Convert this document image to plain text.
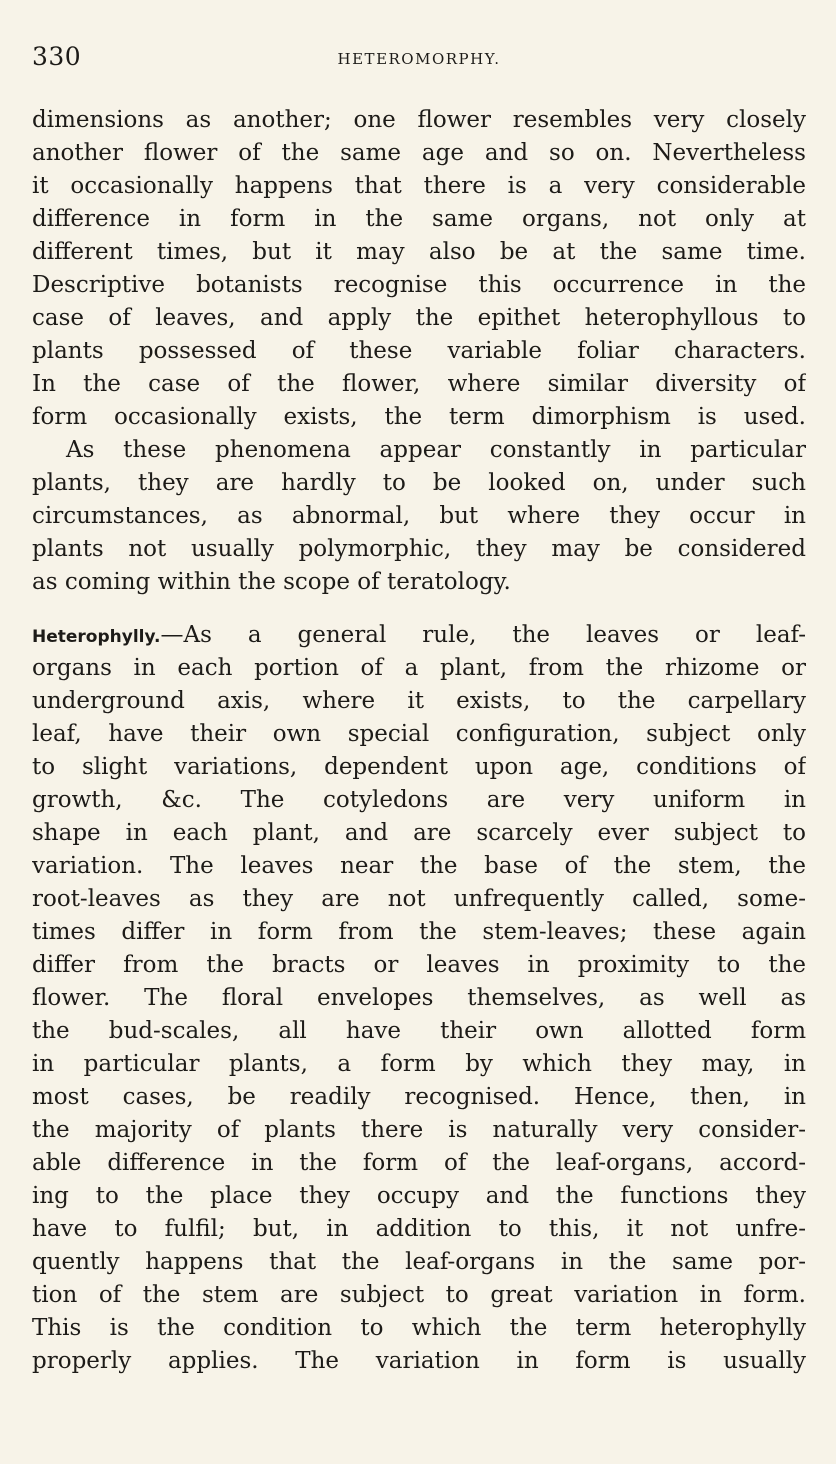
330	HETEROMORPHY.
dimensions as another; one flower resembles very closely
another flower of the same age and so on. Nevertheless
it occasionally happens that there is a very considerable
difference in form in the same organs, not only at
different times, but it may also be at the same time.
Descriptive botanists recognise this occurrence in the
case of leaves, and apply the epithet heterophyllous to
plants possessed of these variable foliar characters.
In the case of the flower, where similar diversity of
form occasionally exists, the term dimorphism is used.
As these phenomena appear constantly in particular
plants, they are hardly to be looked on, under such
circumstances, as abnormal, but where they occur in
plants not usually polymorphic, they may be considered
as coming within the scope of teratology.
Heterophylly.—As a general rule, the leaves or leaf-
organs in each portion of a plant, from the rhizome or
underground axis, where it exists, to the carpellary
leaf, have their own special configuration, subject only
to slight variations, dependent upon age, conditions of
growth, &c. The cotyledons are very uniform in
shape in each plant, and are scarcely ever subject to
variation. The leaves near the base of the stem, the
root-leaves as they are not unfrequently called, some-
times differ in form from the stem-leaves; these again
differ from the bracts or leaves in proximity to the
flower. The floral envelopes themselves, as well as
the bud-scales, all have their own allotted form
in particular plants, a form by which they may, in
most cases, be readily recognised. Hence, then, in
the majority of plants there is naturally very consider-
able difference in the form of the leaf-organs, accord-
ing to the place they occupy and the functions they
have to fulfil; but, in addition to this, it not unfre-
quently happens that the leaf-organs in the same por-
tion of the stem are subject to great variation in form.
This is the condition to which the term heterophylly
properly applies. The variation in form is usually
